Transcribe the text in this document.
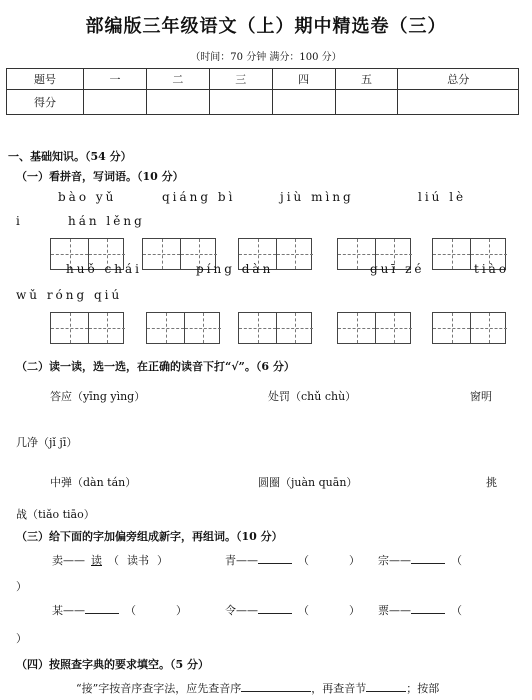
部编版三年级语文（上）期中精选卷（三）
（时间：70 分钟 满分：100 分）
题号	一	二	三	四	五	总分
得分						
一、基础知识。（54 分）
（一）看拼音，写词语。（10 分）
bào yǔ	qiáng bì	jiù mìng	liú lè
i	hán lěng
huǒ chái	píng dàn	guī zé	tiào
wǔ róng qiú
（二）读一读，选一选，在正确的读音下打“√”。（6 分）
答应（yīng yìng）	处罚（chǔ chù）	窗明
几净（jǐ jī）
中弹（dàn tán）	圆圈（juàn quān）	挑
战（tiǎo tiāo）
（三）给下面的字加偏旁组成新字，再组词。（10 分）
卖—— 读 （ 读书 ）	青——	（	） 宗——	（
）
某——	（	）	令——	（	） 票——	（
）
（四）按照查字典的要求填空。（5 分）
“接”字按音序查字法，应先查音序	，再查音节	；按部
